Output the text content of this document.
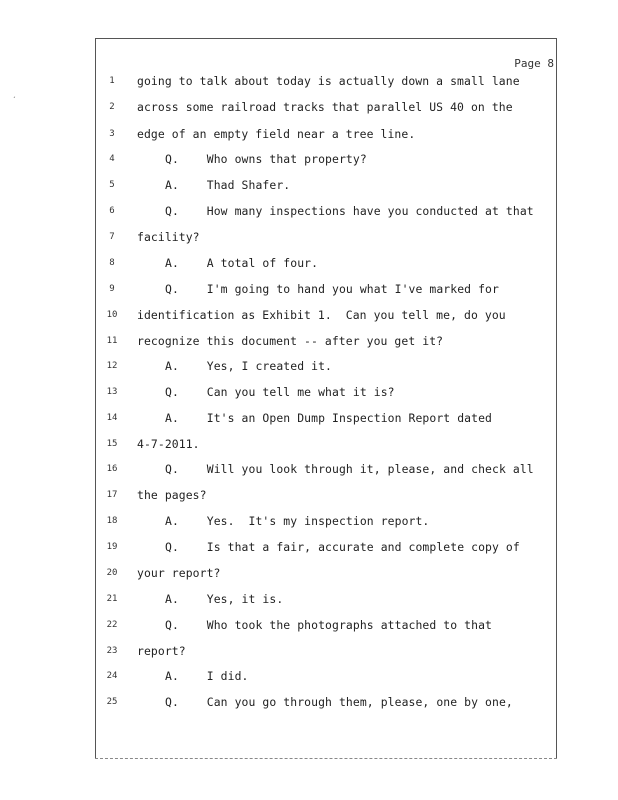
ˊ
Page 8
1	going to talk about today is actually down a small lane
2	across some railroad tracks that parallel US 40 on the
3	edge of an empty field near a tree line.
4	Q.    Who owns that property?
5	A.    Thad Shafer.
6	Q.    How many inspections have you conducted at that
7	facility?
8	A.    A total of four.
9	Q.    I'm going to hand you what I've marked for
10	identification as Exhibit 1.  Can you tell me, do you
11	recognize this document -- after you get it?
12	A.    Yes, I created it.
13	Q.    Can you tell me what it is?
14	A.    It's an Open Dump Inspection Report dated
15	4-7-2011.
16	Q.    Will you look through it, please, and check all
17	the pages?
18	A.    Yes.  It's my inspection report.
19	Q.    Is that a fair, accurate and complete copy of
20	your report?
21	A.    Yes, it is.
22	Q.    Who took the photographs attached to that
23	report?
24	A.    I did.
25	Q.    Can you go through them, please, one by one,
